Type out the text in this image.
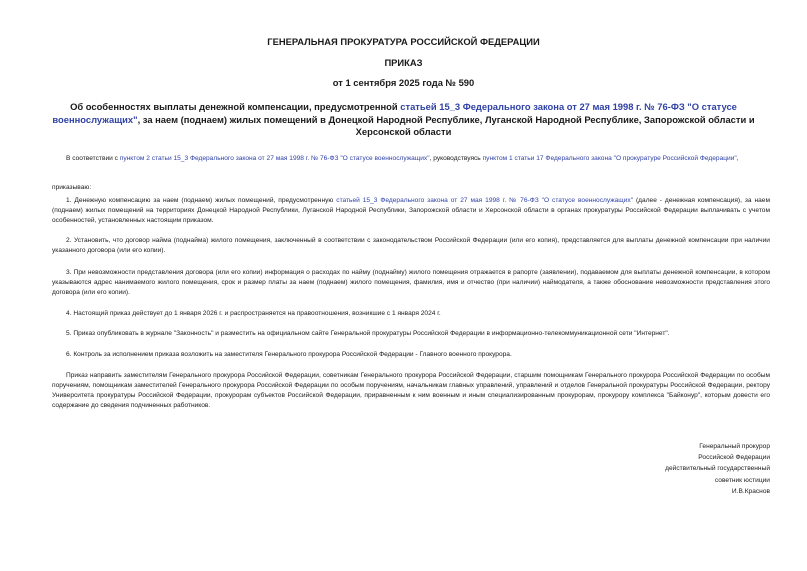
ГЕНЕРАЛЬНАЯ ПРОКУРАТУРА РОССИЙСКОЙ ФЕДЕРАЦИИ
ПРИКАЗ
от 1 сентября 2025 года № 590
Об особенностях выплаты денежной компенсации, предусмотренной статьей 15_3 Федерального закона от 27 мая 1998 г. № 76-ФЗ "О статусе военнослужащих", за наем (поднаем) жилых помещений в Донецкой Народной Республике, Луганской Народной Республике, Запорожской области и Херсонской области
В соответствии с пунктом 2 статьи 15_3 Федерального закона от 27 мая 1998 г. № 76-ФЗ "О статусе военнослужащих", руководствуясь пунктом 1 статьи 17 Федерального закона "О прокуратуре Российской Федерации",
приказываю:
1. Денежную компенсацию за наем (поднаем) жилых помещений, предусмотренную статьей 15_3 Федерального закона от 27 мая 1998 г. № 76-ФЗ "О статусе военнослужащих" (далее - денежная компенсация), за наем (поднаем) жилых помещений на территориях Донецкой Народной Республики, Луганской Народной Республики, Запорожской области и Херсонской области в органах прокуратуры Российской Федерации выплачивать с учетом особенностей, установленных настоящим приказом.
2. Установить, что договор найма (поднайма) жилого помещения, заключенный в соответствии с законодательством Российской Федерации (или его копия), представляется для выплаты денежной компенсации при наличии указанного договора (или его копии).
3. При невозможности представления договора (или его копии) информация о расходах по найму (поднайму) жилого помещения отражается в рапорте (заявлении), подаваемом для выплаты денежной компенсации, в котором указываются адрес нанимаемого жилого помещения, срок и размер платы за наем (поднаем) жилого помещения, фамилия, имя и отчество (при наличии) наймодателя, а также обоснование невозможности представления этого договора (или его копии).
4. Настоящий приказ действует до 1 января 2026 г. и распространяется на правоотношения, возникшие с 1 января 2024 г.
5. Приказ опубликовать в журнале "Законность" и разместить на официальном сайте Генеральной прокуратуры Российской Федерации в информационно-телекоммуникационной сети "Интернет".
6. Контроль за исполнением приказа возложить на заместителя Генерального прокурора Российской Федерации - Главного военного прокурора.
Приказ направить заместителям Генерального прокурора Российской Федерации, советникам Генерального прокурора Российской Федерации, старшим помощникам Генерального прокурора Российской Федерации по особым поручениям, помощникам заместителей Генерального прокурора Российской Федерации по особым поручениям, начальникам главных управлений, управлений и отделов Генеральной прокуратуры Российской Федерации, ректору Университета прокуратуры Российской Федерации, прокурорам субъектов Российской Федерации, приравненным к ним военным и иным специализированным прокурорам, прокурору комплекса "Байконур", которым довести его содержание до сведения подчиненных работников.
Генеральный прокурор
Российской Федерации
действительный государственный
советник юстиции
И.В.Краснов
